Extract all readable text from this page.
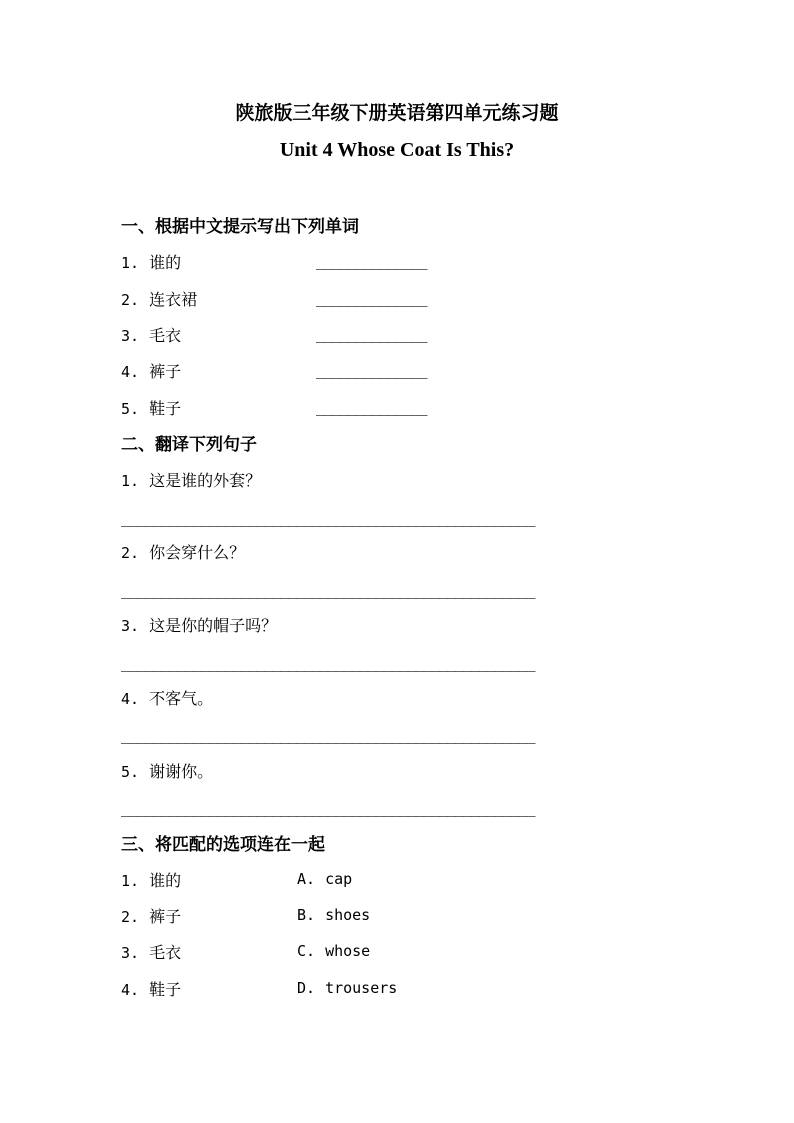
陕旅版三年级下册英语第四单元练习题
Unit 4 Whose Coat Is This?
一、根据中文提示写出下列单词
1. 谁的	______________
2. 连衣裙	______________
3. 毛衣	______________
4. 裤子	______________
5. 鞋子	______________
二、翻译下列句子
1. 这是谁的外套？
____________________________________________________
2. 你会穿什么？
____________________________________________________
3. 这是你的帽子吗？
____________________________________________________
4. 不客气。
____________________________________________________
5. 谢谢你。
____________________________________________________
三、将匹配的选项连在一起
1. 谁的	A. cap
2. 裤子	B. shoes
3. 毛衣	C. whose
4. 鞋子	D. trousers
